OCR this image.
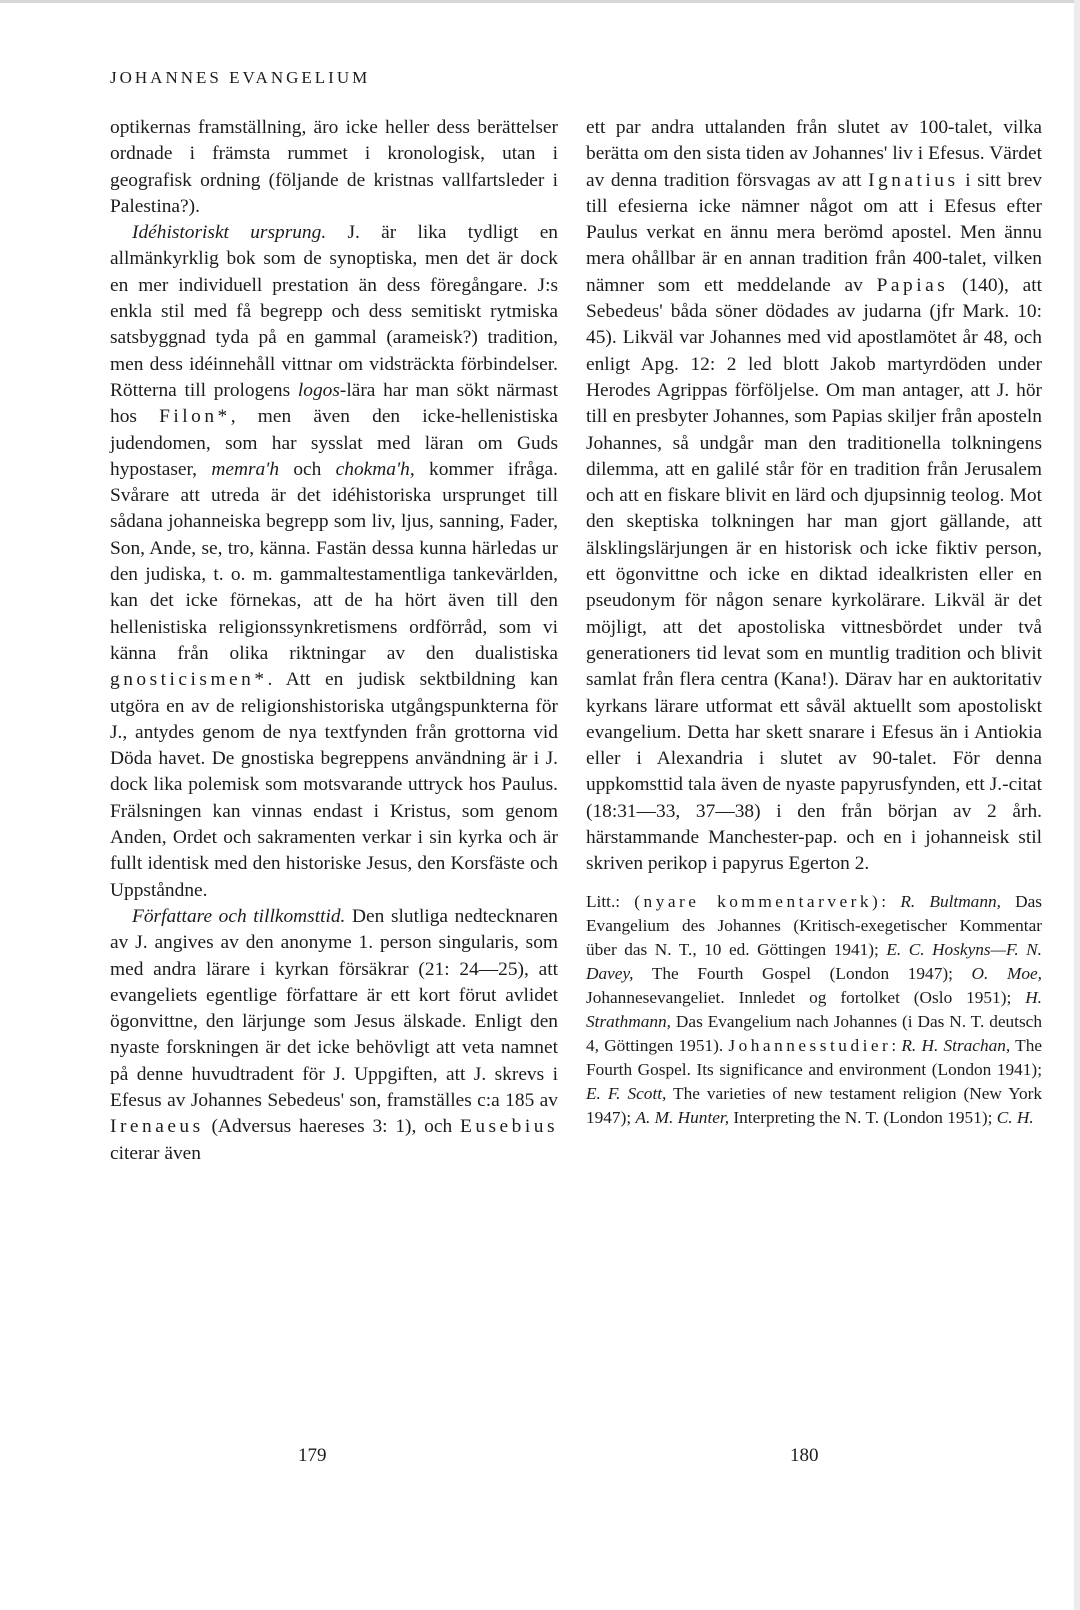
JOHANNES EVANGELIUM

optikernas framställning, äro icke heller dess berättelser ordnade i främsta rummet i kronologisk, utan i geografisk ordning (följande de kristnas vallfartsleder i Palestina?).

Idéhistoriskt ursprung. J. är lika tydligt en allmänkyrklig bok som de synoptiska, men det är dock en mer individuell prestation än dess föregångare. J:s enkla stil med få begrepp och dess semitiskt rytmiska satsbyggnad tyda på en gammal (arameisk?) tradition, men dess idéinnehåll vittnar om vidsträckta förbindelser. Rötterna till prologens logos-lära har man sökt närmast hos Filon*, men även den icke-hellenistiska judendomen, som har sysslat med läran om Guds hypostaser, memra'h och chokma'h, kommer ifråga. Svårare att utreda är det idéhistoriska ursprunget till sådana johanneiska begrepp som liv, ljus, sanning, Fader, Son, Ande, se, tro, känna. Fastän dessa kunna härledas ur den judiska, t. o. m. gammaltestamentliga tankevärlden, kan det icke förnekas, att de ha hört även till den hellenistiska religionssynkretismens ordförråd, som vi känna från olika riktningar av den dualistiska gnosticismen*. Att en judisk sektbildning kan utgöra en av de religionshistoriska utgångspunkterna för J., antydes genom de nya textfynden från grottorna vid Döda havet. De gnostiska begreppens användning är i J. dock lika polemisk som motsvarande uttryck hos Paulus. Frälsningen kan vinnas endast i Kristus, som genom Anden, Ordet och sakramenten verkar i sin kyrka och är fullt identisk med den historiske Jesus, den Korsfäste och Uppståndne.

Författare och tillkomsttid. Den slutliga nedtecknaren av J. angives av den anonyme 1. person singularis, som med andra lärare i kyrkan försäkrar (21: 24—25), att evangeliets egentlige författare är ett kort förut avlidet ögonvittne, den lärjunge som Jesus älskade. Enligt den nyaste forskningen är det icke behövligt att veta namnet på denne huvudtradent för J. Uppgiften, att J. skrevs i Efesus av Johannes Sebedeus' son, framställes c:a 185 av Irenaeus (Adversus haereses 3: 1), och Eusebius citerar även

ett par andra uttalanden från slutet av 100-talet, vilka berätta om den sista tiden av Johannes' liv i Efesus. Värdet av denna tradition försvagas av att Ignatius i sitt brev till efesierna icke nämner något om att i Efesus efter Paulus verkat en ännu mera berömd apostel. Men ännu mera ohållbar är en annan tradition från 400-talet, vilken nämner som ett meddelande av Papias (140), att Sebedeus' båda söner dödades av judarna (jfr Mark. 10: 45). Likväl var Johannes med vid apostlamötet år 48, och enligt Apg. 12: 2 led blott Jakob martyrdöden under Herodes Agrippas förföljelse. Om man antager, att J. hör till en presbyter Johannes, som Papias skiljer från aposteln Johannes, så undgår man den traditionella tolkningens dilemma, att en galilé står för en tradition från Jerusalem och att en fiskare blivit en lärd och djupsinnig teolog. Mot den skeptiska tolkningen har man gjort gällande, att älsklingslärjungen är en historisk och icke fiktiv person, ett ögonvittne och icke en diktad idealkristen eller en pseudonym för någon senare kyrkolärare. Likväl är det möjligt, att det apostoliska vittnesbördet under två generationers tid levat som en muntlig tradition och blivit samlat från flera centra (Kana!). Därav har en auktoritativ kyrkans lärare utformat ett såväl aktuellt som apostoliskt evangelium. Detta har skett snarare i Efesus än i Antiokia eller i Alexandria i slutet av 90-talet. För denna uppkomsttid tala även de nyaste papyrusfynden, ett J.-citat (18:31—33, 37—38) i den från början av 2 årh. härstammande Manchester-pap. och en i johanneisk stil skriven perikop i papyrus Egerton 2.

Litt.: (nyare kommentarverk): R. Bultmann, Das Evangelium des Johannes (Kritisch-exegetischer Kommentar über das N. T., 10 ed. Göttingen 1941); E. C. Hoskyns—F. N. Davey, The Fourth Gospel (London 1947); O. Moe, Johannesevangeliet. Innledet og fortolket (Oslo 1951); H. Strathmann, Das Evangelium nach Johannes (i Das N. T. deutsch 4, Göttingen 1951). Johannesstudier: R. H. Strachan, The Fourth Gospel. Its significance and environment (London 1941); E. F. Scott, The varieties of new testament religion (New York 1947); A. M. Hunter, Interpreting the N. T. (London 1951); C. H.

179	180
